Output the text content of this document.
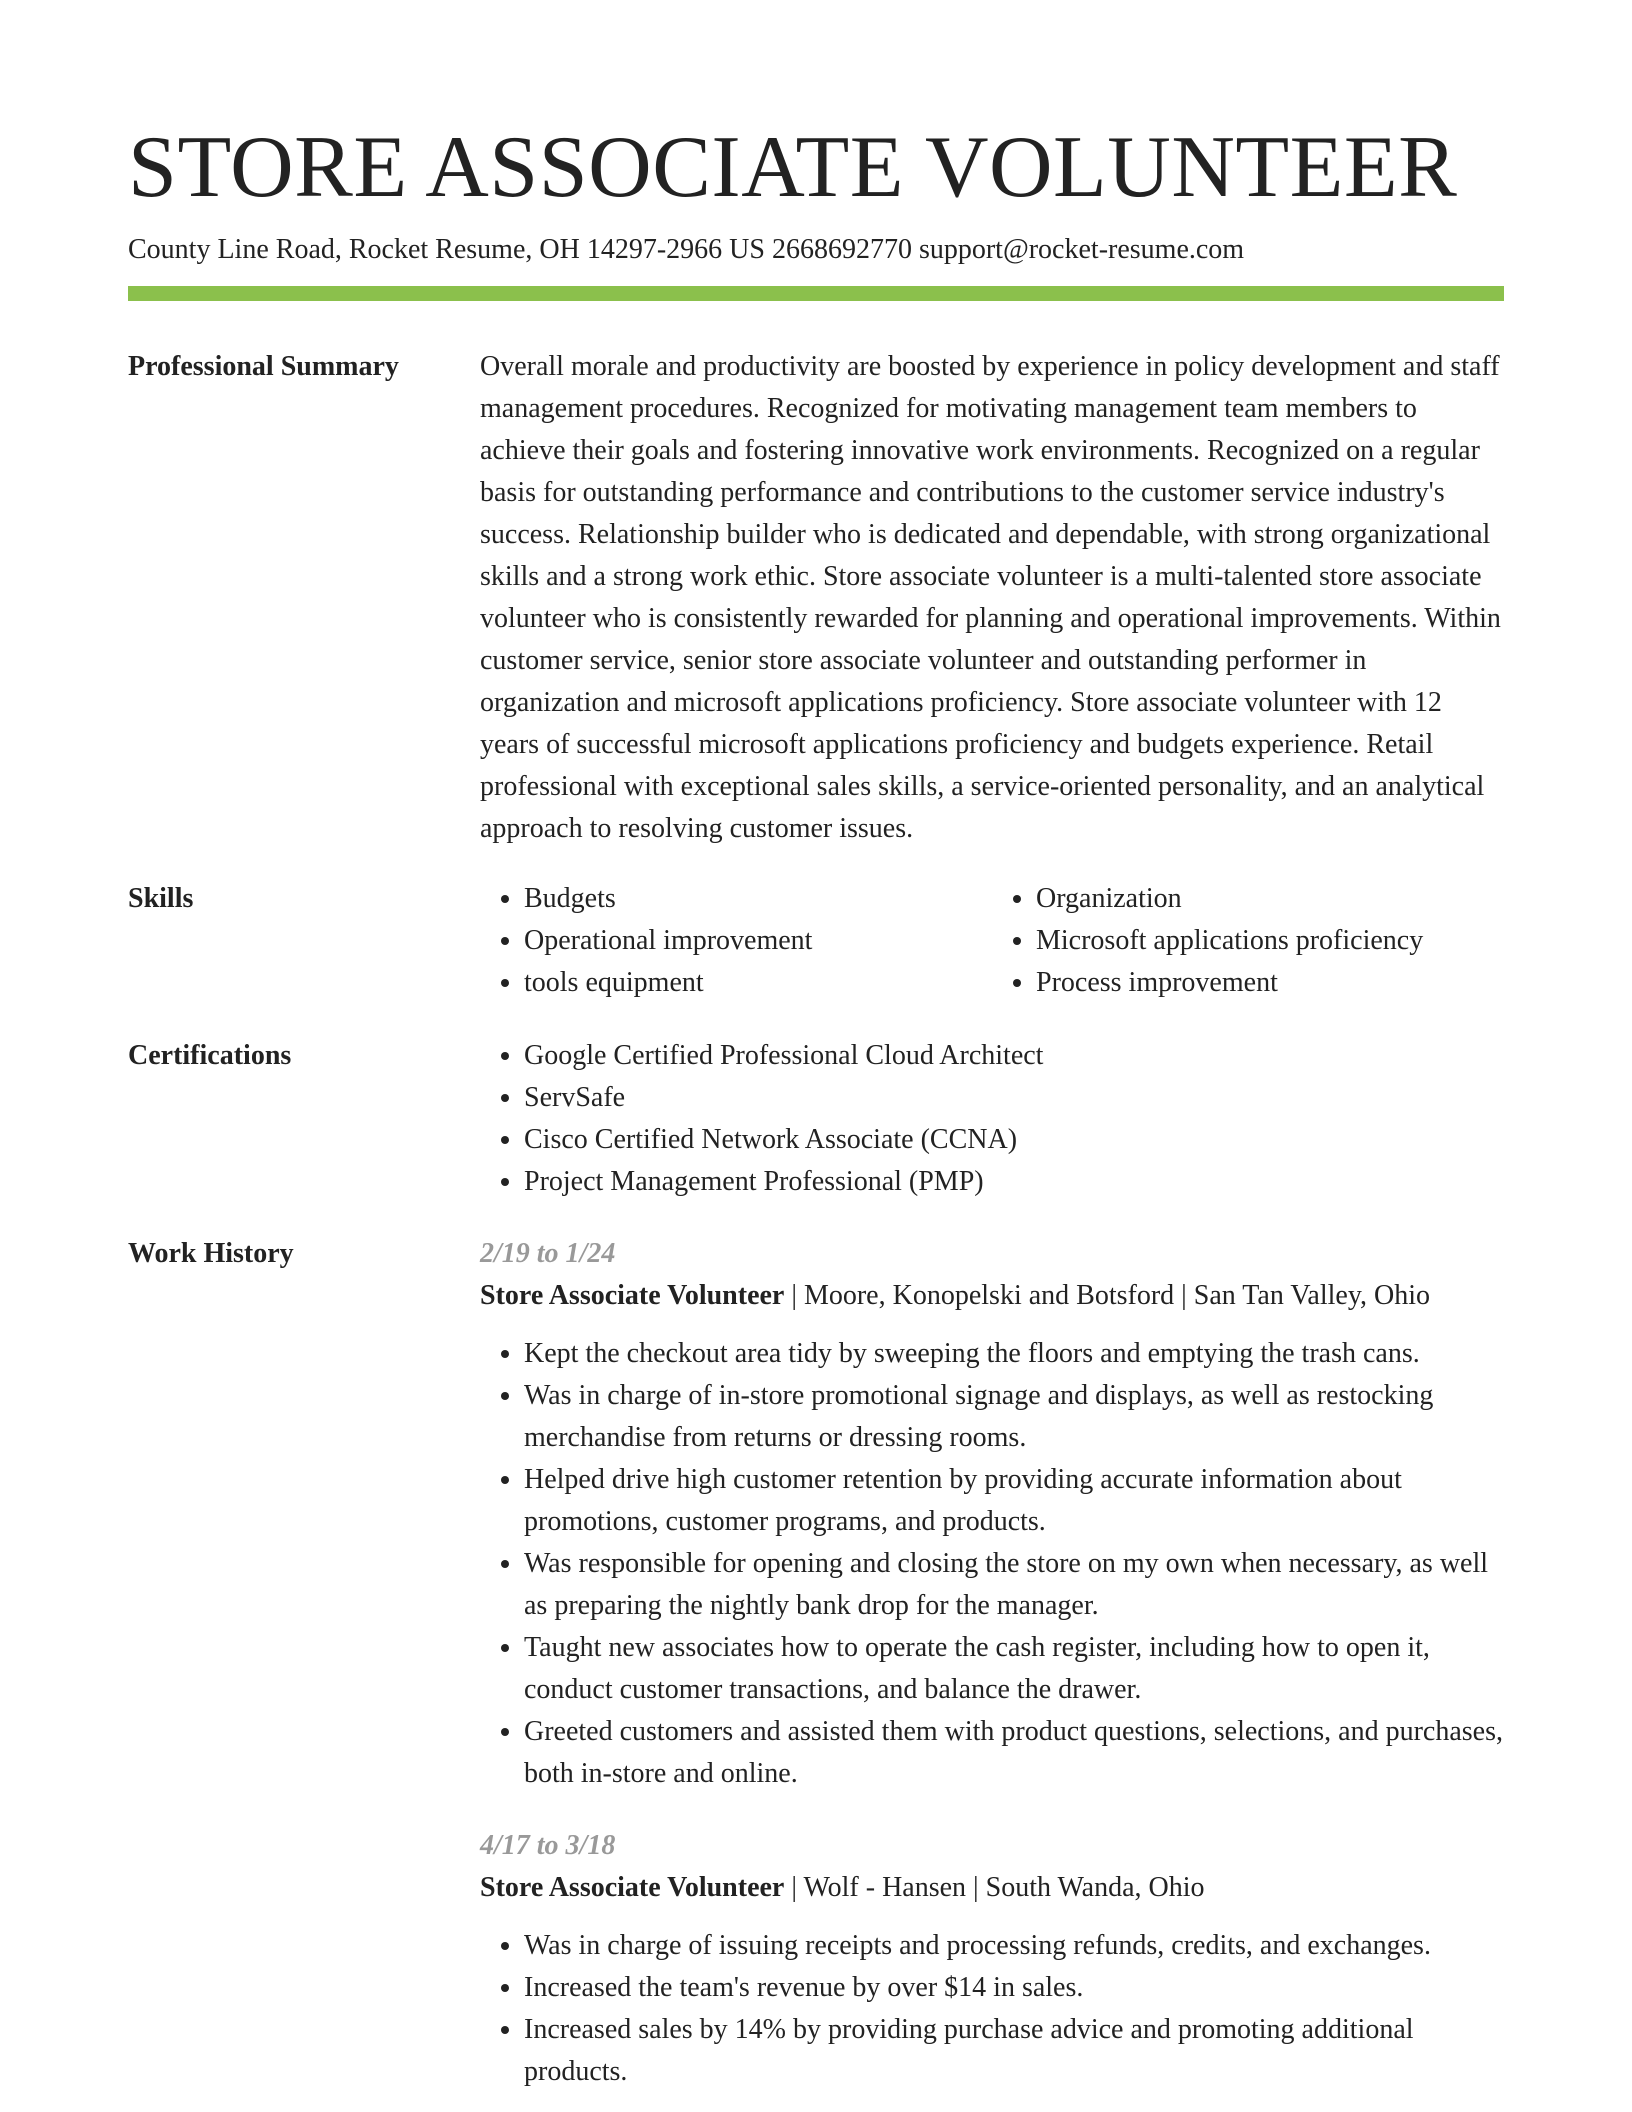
STORE ASSOCIATE VOLUNTEER
County Line Road, Rocket Resume, OH 14297-2966 US 2668692770 support@rocket-resume.com
Professional Summary	Overall morale and productivity are boosted by experience in policy development and staff management procedures. Recognized for motivating management team members to achieve their goals and fostering innovative work environments. Recognized on a regular basis for outstanding performance and contributions to the customer service industry's success. Relationship builder who is dedicated and dependable, with strong organizational skills and a strong work ethic. Store associate volunteer is a multi-talented store associate volunteer who is consistently rewarded for planning and operational improvements. Within customer service, senior store associate volunteer and outstanding performer in organization and microsoft applications proficiency. Store associate volunteer with 12 years of successful microsoft applications proficiency and budgets experience. Retail professional with exceptional sales skills, a service-oriented personality, and an analytical approach to resolving customer issues.

Skills	• Budgets
• Operational improvement
• tools equipment
• Organization
• Microsoft applications proficiency
• Process improvement
Certifications	• Google Certified Professional Cloud Architect
• ServSafe
• Cisco Certified Network Associate (CCNA)
• Project Management Professional (PMP)
Work History	2/19 to 1/24
Store Associate Volunteer | Moore, Konopelski and Botsford | San Tan Valley, Ohio
• Kept the checkout area tidy by sweeping the floors and emptying the trash cans.
• Was in charge of in-store promotional signage and displays, as well as restocking merchandise from returns or dressing rooms.
• Helped drive high customer retention by providing accurate information about promotions, customer programs, and products.
• Was responsible for opening and closing the store on my own when necessary, as well as preparing the nightly bank drop for the manager.
• Taught new associates how to operate the cash register, including how to open it, conduct customer transactions, and balance the drawer.
• Greeted customers and assisted them with product questions, selections, and purchases, both in-store and online.
4/17 to 3/18
Store Associate Volunteer | Wolf - Hansen | South Wanda, Ohio
• Was in charge of issuing receipts and processing refunds, credits, and exchanges.
• Increased the team's revenue by over $14 in sales.
• Increased sales by 14% by providing purchase advice and promoting additional products.
